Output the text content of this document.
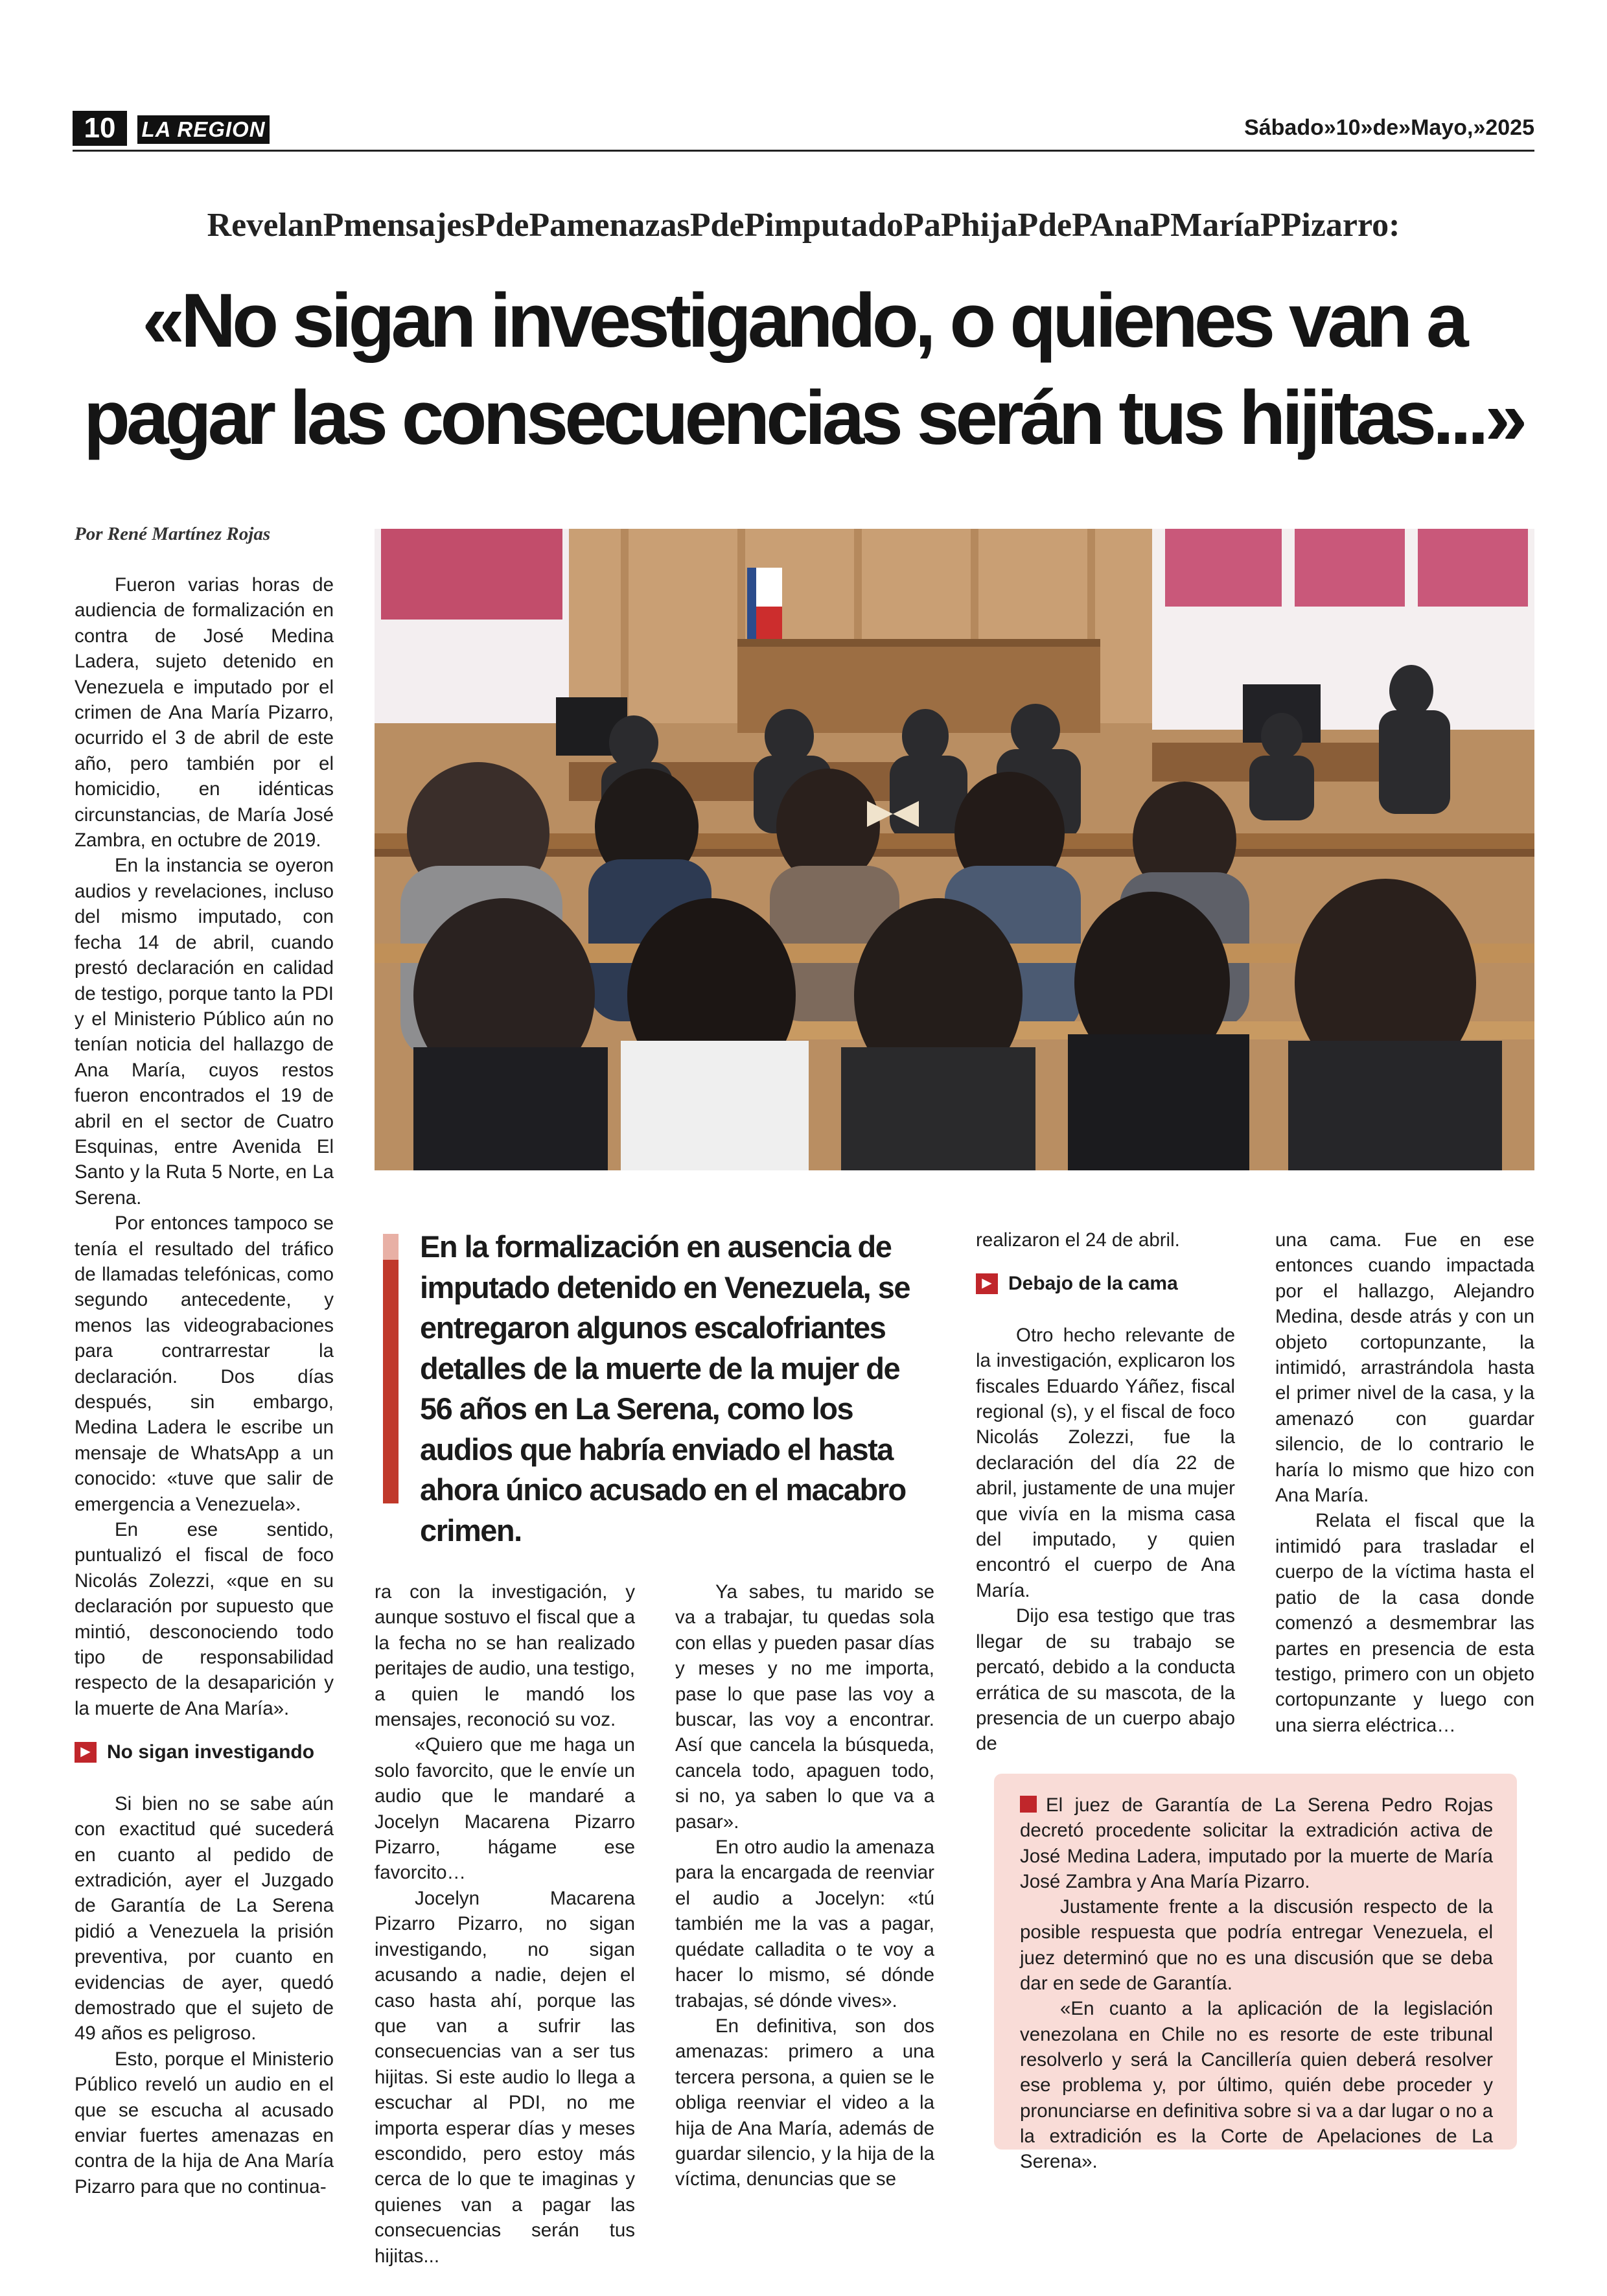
10	LA REGION	Sábado»10»de»Mayo,»2025
RevelanPmensajesPdePamenazasPdePimputadoPaPhijaPdePAnaPMaríaPPizarro:
«No sigan investigando, o quienes van a
pagar las consecuencias serán tus hijitas...»
Por René Martínez Rojas

Fueron varias horas de audiencia de formalización en contra de José Medina Ladera, sujeto detenido en Venezuela e imputado por el crimen de Ana María Pizarro, ocurrido el 3 de abril de este año, pero también por el homicidio, en idénticas circunstancias, de María José Zambra, en octubre de 2019.

En la instancia se oyeron audios y revelaciones, incluso del mismo imputado, con fecha 14 de abril, cuando prestó declaración en calidad de testigo, porque tanto la PDI y el Ministerio Público aún no tenían noticia del hallazgo de Ana María, cuyos restos fueron encontrados el 19 de abril en el sector de Cuatro Esquinas, entre Avenida El Santo y la Ruta 5 Norte, en La Serena.

Por entonces tampoco se tenía el resultado del tráfico de llamadas telefónicas, como segundo antecedente, y menos las videograbaciones para contrarrestar la declaración. Dos días después, sin embargo, Medina Ladera le escribe un mensaje de WhatsApp a un conocido: «tuve que salir de emergencia a Venezuela».

En ese sentido, puntualizó el fiscal de foco Nicolás Zolezzi, «que en su declaración por supuesto que mintió, desconociendo todo tipo de responsabilidad respecto de la desaparición y la muerte de Ana María».

▶ No sigan investigando

Si bien no se sabe aún con exactitud qué sucederá en cuanto al pedido de extradición, ayer el Juzgado de Garantía de La Serena pidió a Venezuela la prisión preventiva, por cuanto en evidencias de ayer, quedó demostrado que el sujeto de 49 años es peligroso.

Esto, porque el Ministerio Público reveló un audio en el que se escucha al acusado enviar fuertes amenazas en contra de la hija de Ana María Pizarro para que no continua-

En la formalización en ausencia de imputado detenido en Venezuela, se entregaron algunos escalofriantes detalles de la muerte de la mujer de 56 años en La Serena, como los audios que habría enviado el hasta ahora único acusado en el macabro crimen.

ra con la investigación, y aunque sostuvo el fiscal que a la fecha no se han realizado peritajes de audio, una testigo, a quien le mandó los mensajes, reconoció su voz.

«Quiero que me haga un solo favorcito, que le envíe un audio que le mandaré a Jocelyn Macarena Pizarro Pizarro, hágame ese favorcito…

Jocelyn Macarena Pizarro Pizarro, no sigan investigando, no sigan acusando a nadie, dejen el caso hasta ahí, porque las que van a sufrir las consecuencias van a ser tus hijitas. Si este audio lo llega a escuchar al PDI, no me importa esperar días y meses escondido, pero estoy más cerca de lo que te imaginas y quienes van a pagar las consecuencias serán tus hijitas...

Ya sabes, tu marido se va a trabajar, tu quedas sola con ellas y pueden pasar días y meses y no me importa, pase lo que pase las voy a buscar, las voy a encontrar. Así que cancela la búsqueda, cancela todo, apaguen todo, si no, ya saben lo que va a pasar».

En otro audio la amenaza para la encargada de reenviar el audio a Jocelyn: «tú también me la vas a pagar, quédate calladita o te voy a hacer lo mismo, sé dónde trabajas, sé dónde vives».

En definitiva, son dos amenazas: primero a una tercera persona, a quien se le obliga reenviar el video a la hija de Ana María, además de guardar silencio, y la hija de la víctima, denuncias que se

realizaron el 24 de abril.

▶ Debajo de la cama

Otro hecho relevante de la investigación, explicaron los fiscales Eduardo Yáñez, fiscal regional (s), y el fiscal de foco Nicolás Zolezzi, fue la declaración del día 22 de abril, justamente de una mujer que vivía en la misma casa del imputado, y quien encontró el cuerpo de Ana María.

Dijo esa testigo que tras llegar de su trabajo se percató, debido a la conducta errática de su mascota, de la presencia de un cuerpo abajo de

una cama. Fue en ese entonces cuando impactada por el hallazgo, Alejandro Medina, desde atrás y con un objeto cortopunzante, la intimidó, arrastrándola hasta el primer nivel de la casa, y la amenazó con guardar silencio, de lo contrario le haría lo mismo que hizo con Ana María.

Relata el fiscal que la intimidó para trasladar el cuerpo de la víctima hasta el patio de la casa donde comenzó a desmembrar las partes en presencia de esta testigo, primero con un objeto cortopunzante y luego con una sierra eléctrica…

El juez de Garantía de La Serena Pedro Rojas decretó procedente solicitar la extradición activa de José Medina Ladera, imputado por la muerte de María José Zambra y Ana María Pizarro.

Justamente frente a la discusión respecto de la posible respuesta que podría entregar Venezuela, el juez determinó que no es una discusión que se deba dar en sede de Garantía.

«En cuanto a la aplicación de la legislación venezolana en Chile no es resorte de este tribunal resolverlo y será la Cancillería quien deberá resolver ese problema y, por último, quién debe proceder y pronunciarse en definitiva sobre si va a dar lugar o no a la extradición es la Corte de Apelaciones de La Serena».
